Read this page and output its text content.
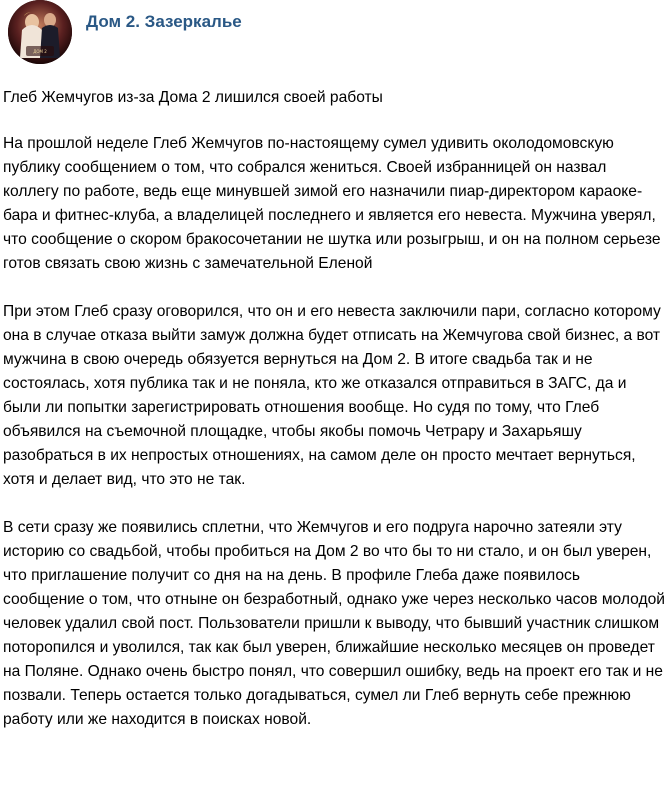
ДОМ 2
Дом 2. Зазеркалье

Глеб Жемчугов из-за Дома 2 лишился своей работы

На прошлой неделе Глеб Жемчугов по-настоящему сумел удивить околодомовскую публику сообщением о том, что собрался жениться. Своей избранницей он назвал коллегу по работе, ведь еще минувшей зимой его назначили пиар-директором караоке-бара и фитнес-клуба, а владелицей последнего и является его невеста. Мужчина уверял, что сообщение о скором бракосочетании не шутка или розыгрыш, и он на полном серьезе готов связать свою жизнь с замечательной Еленой

При этом Глеб сразу оговорился, что он и его невеста заключили пари, согласно которому она в случае отказа выйти замуж должна будет отписать на Жемчугова свой бизнес, а вот мужчина в свою очередь обязуется вернуться на Дом 2. В итоге свадьба так и не состоялась, хотя публика так и не поняла, кто же отказался отправиться в ЗАГС, да и были ли попытки зарегистрировать отношения вообще. Но судя по тому, что Глеб объявился на съемочной площадке, чтобы якобы помочь Четрару и Захарьяшу разобраться в их непростых отношениях, на самом деле он просто мечтает вернуться, хотя и делает вид, что это не так.

В сети сразу же появились сплетни, что Жемчугов и его подруга нарочно затеяли эту историю со свадьбой, чтобы пробиться на Дом 2 во что бы то ни стало, и он был уверен, что приглашение получит со дня на на день. В профиле Глеба даже появилось сообщение о том, что отныне он безработный, однако уже через несколько часов молодой человек удалил свой пост. Пользователи пришли к выводу, что бывший участник слишком поторопился и уволился, так как был уверен, ближайшие несколько месяцев он проведет на Поляне. Однако очень быстро понял, что совершил ошибку, ведь на проект его так и не позвали. Теперь остается только догадываться, сумел ли Глеб вернуть себе прежнюю работу или же находится в поисках новой.
